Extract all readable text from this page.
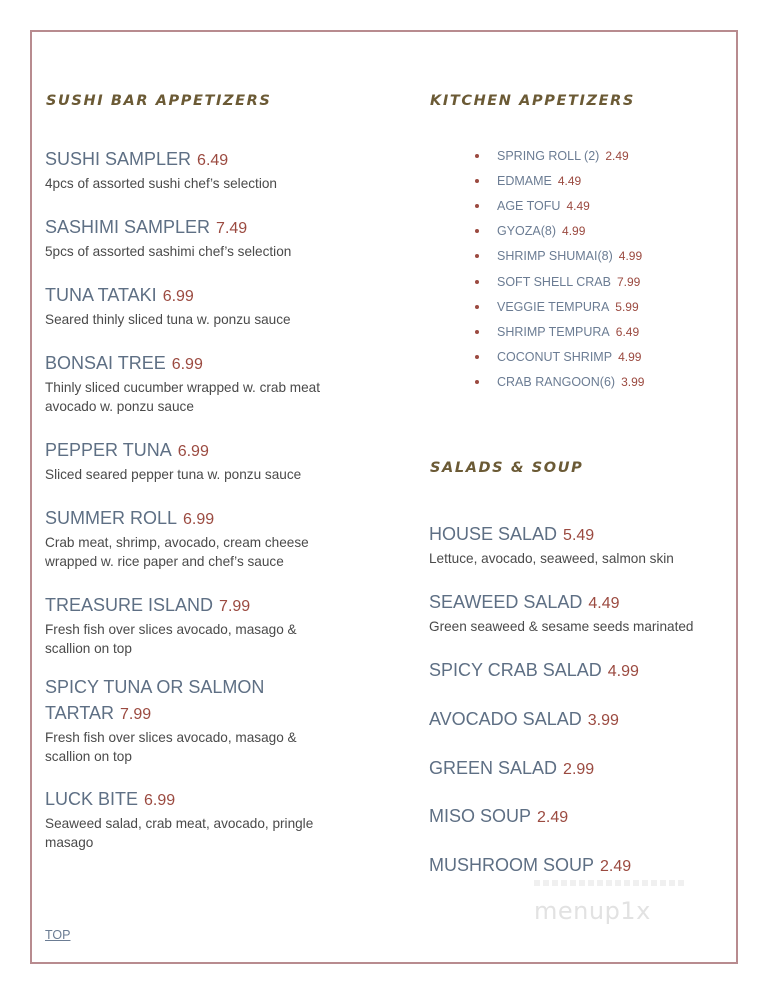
SUSHI BAR APPETIZERS
SUSHI SAMPLER 6.49
4pcs of assorted sushi chef’s selection
SASHIMI SAMPLER 7.49
5pcs of assorted sashimi chef’s selection
TUNA TATAKI 6.99
Seared thinly sliced tuna w. ponzu sauce
BONSAI TREE 6.99
Thinly sliced cucumber wrapped w. crab meat
avocado w. ponzu sauce
PEPPER TUNA 6.99
Sliced seared pepper tuna w. ponzu sauce
SUMMER ROLL 6.99
Crab meat, shrimp, avocado, cream cheese
wrapped w. rice paper and chef’s sauce
TREASURE ISLAND 7.99
Fresh fish over slices avocado, masago &
scallion on top
SPICY TUNA OR SALMON
TARTAR 7.99
Fresh fish over slices avocado, masago &
scallion on top
LUCK BITE 6.99
Seaweed salad, crab meat, avocado, pringle
masago
KITCHEN APPETIZERS
SPRING ROLL (2) 2.49
EDMAME 4.49
AGE TOFU 4.49
GYOZA(8) 4.99
SHRIMP SHUMAI(8) 4.99
SOFT SHELL CRAB 7.99
VEGGIE TEMPURA 5.99
SHRIMP TEMPURA 6.49
COCONUT SHRIMP 4.99
CRAB RANGOON(6) 3.99
SALADS & SOUP
HOUSE SALAD 5.49
Lettuce, avocado, seaweed, salmon skin
SEAWEED SALAD 4.49
Green seaweed & sesame seeds marinated
SPICY CRAB SALAD 4.99
AVOCADO SALAD 3.99
GREEN SALAD 2.99
MISO SOUP 2.49
MUSHROOM SOUP 2.49
menup1x
TOP
